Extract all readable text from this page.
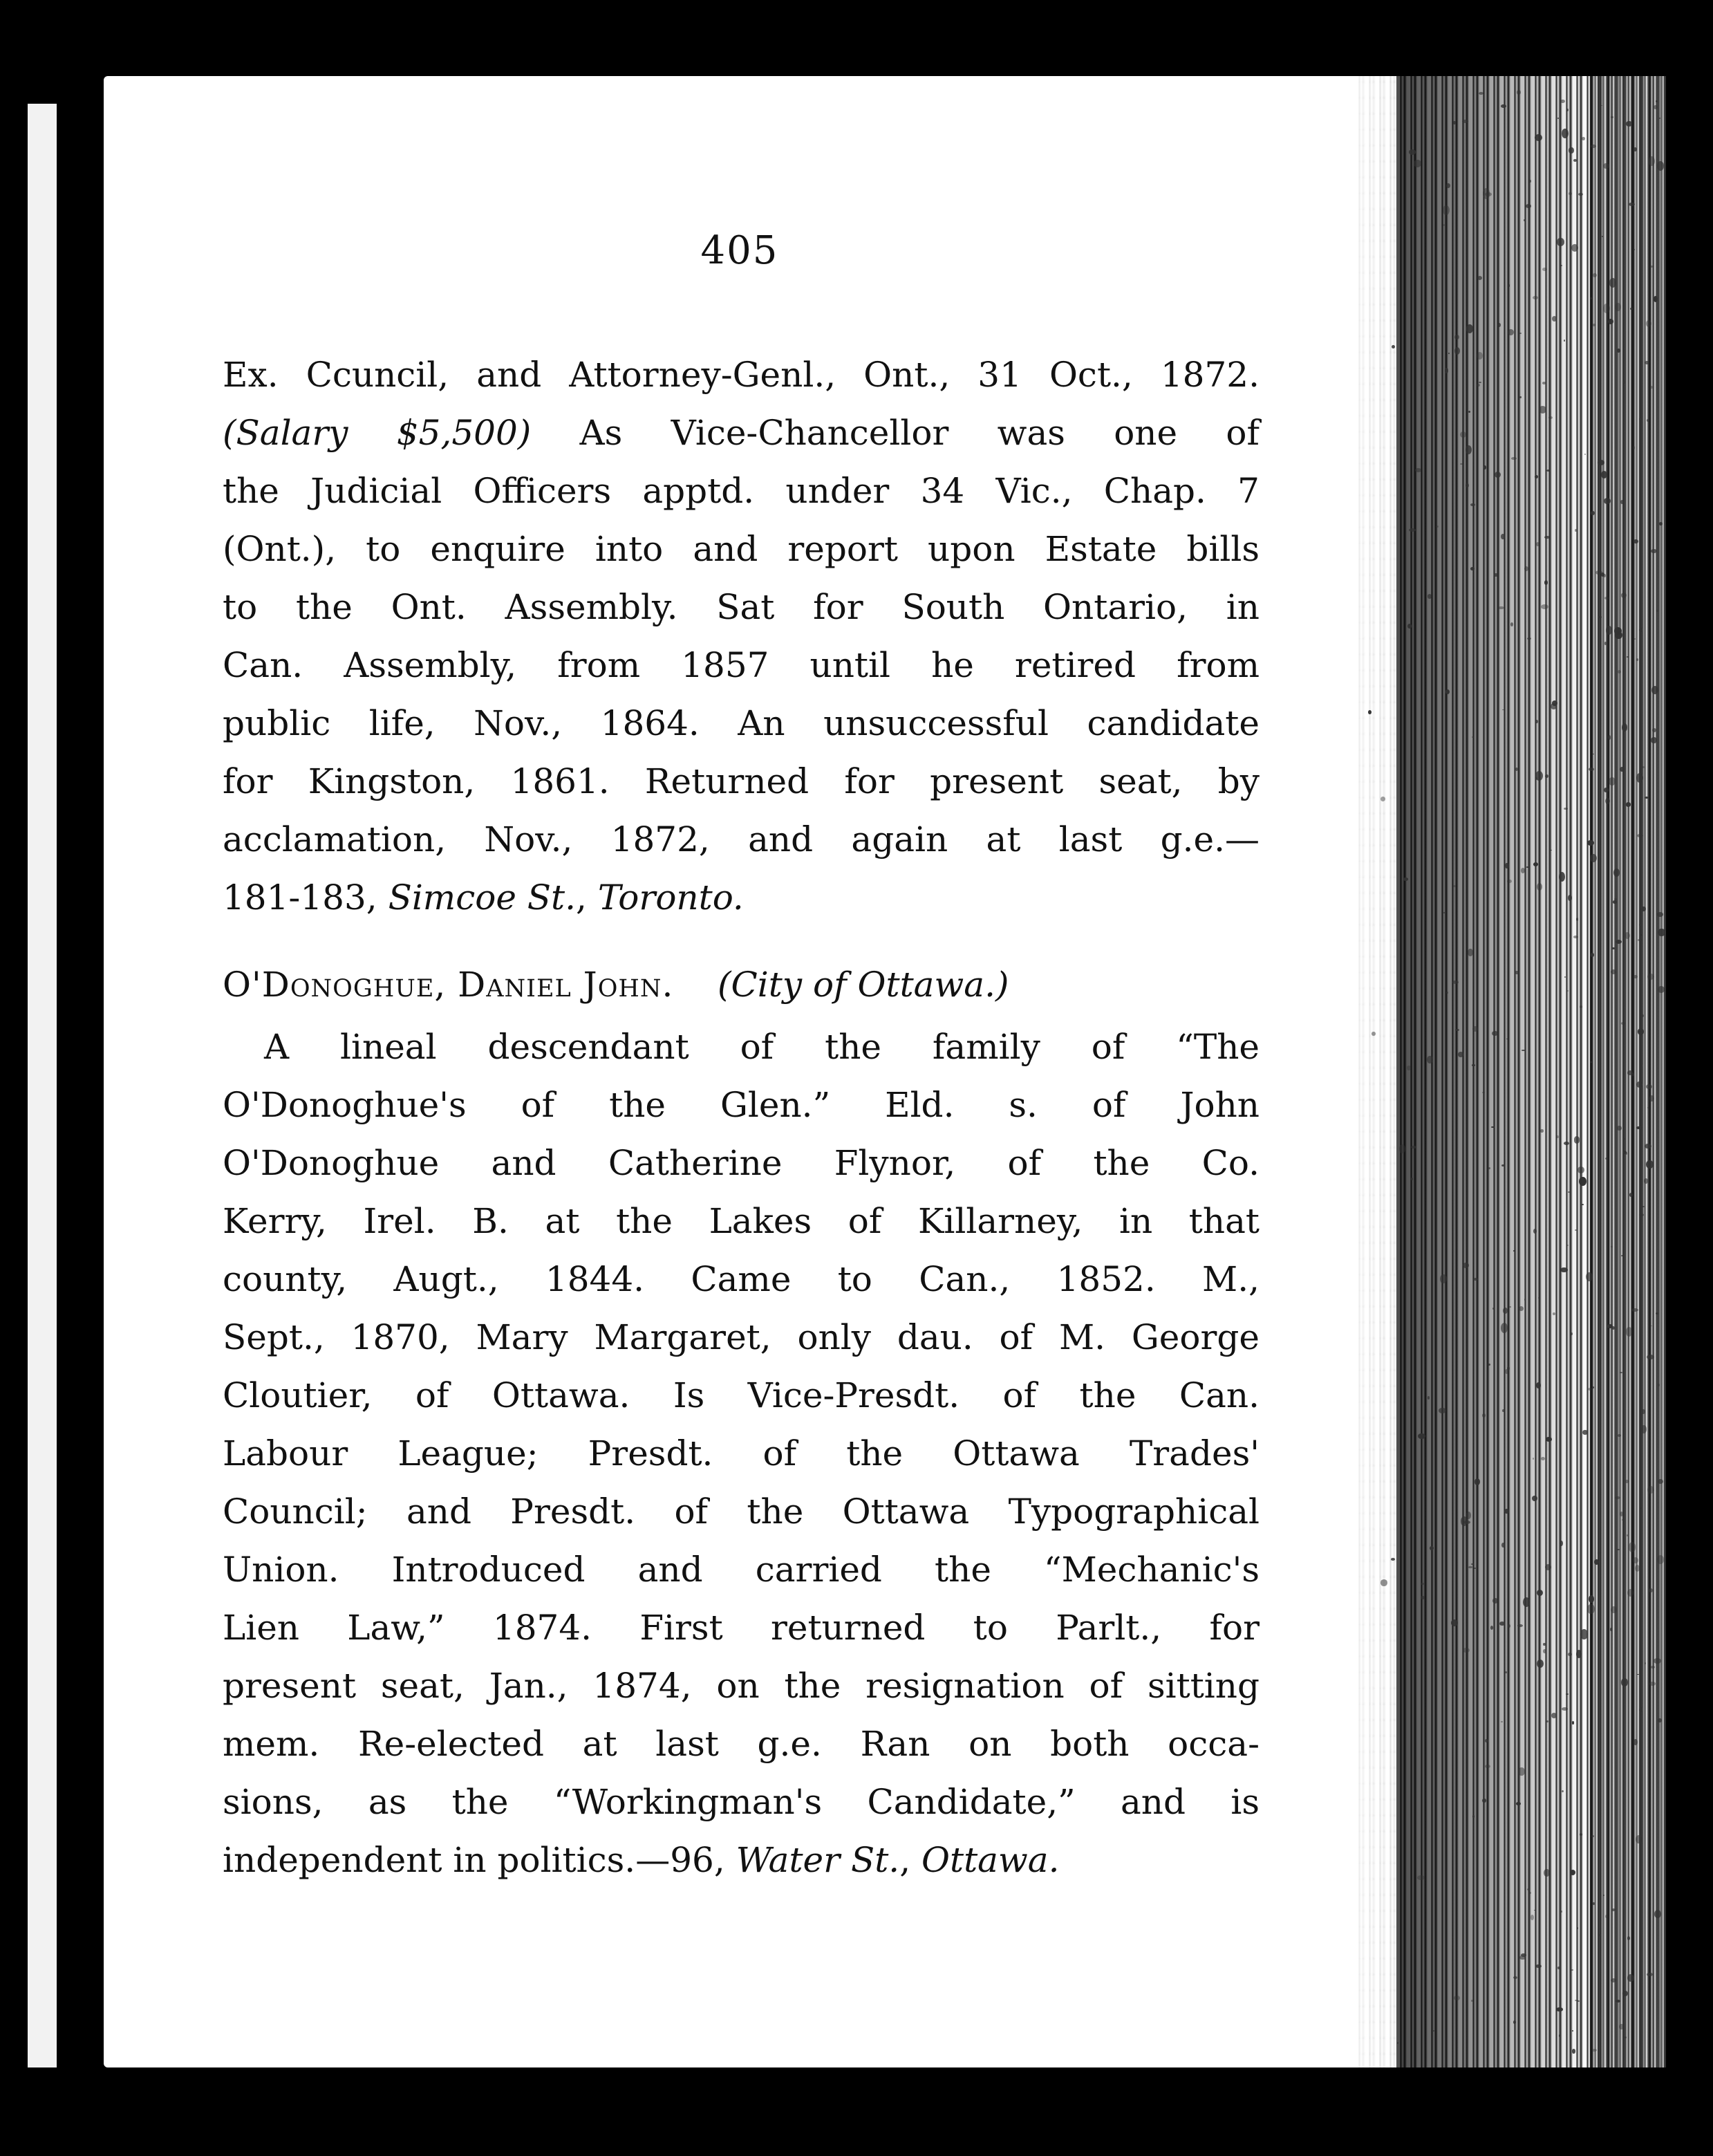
405
Ex. Ccuncil, and Attorney-Genl., Ont., 31 Oct., 1872.
(Salary $5,500) As Vice-Chancellor was one of
the Judicial Officers apptd. under 34 Vic., Chap. 7
(Ont.), to enquire into and report upon Estate bills
to the Ont. Assembly. Sat for South Ontario, in
Can. Assembly, from 1857 until he retired from
public life, Nov., 1864. An unsuccessful candidate
for Kingston, 1861. Returned for present seat, by
acclamation, Nov., 1872, and again at last g.e.—
181-183, Simcoe St., Toronto.
O'Donoghue, Daniel John. (City of Ottawa.)
A lineal descendant of the family of “The
O'Donoghue's of the Glen.” Eld. s. of John
O'Donoghue and Catherine Flynor, of the Co.
Kerry, Irel. B. at the Lakes of Killarney, in that
county, Augt., 1844. Came to Can., 1852. M.,
Sept., 1870, Mary Margaret, only dau. of M. George
Cloutier, of Ottawa. Is Vice-Presdt. of the Can.
Labour League; Presdt. of the Ottawa Trades'
Council; and Presdt. of the Ottawa Typographical
Union. Introduced and carried the “Mechanic's
Lien Law,” 1874. First returned to Parlt., for
present seat, Jan., 1874, on the resignation of sitting
mem. Re-elected at last g.e. Ran on both occa-
sions, as the “Workingman's Candidate,” and is
independent in politics.—96, Water St., Ottawa.
